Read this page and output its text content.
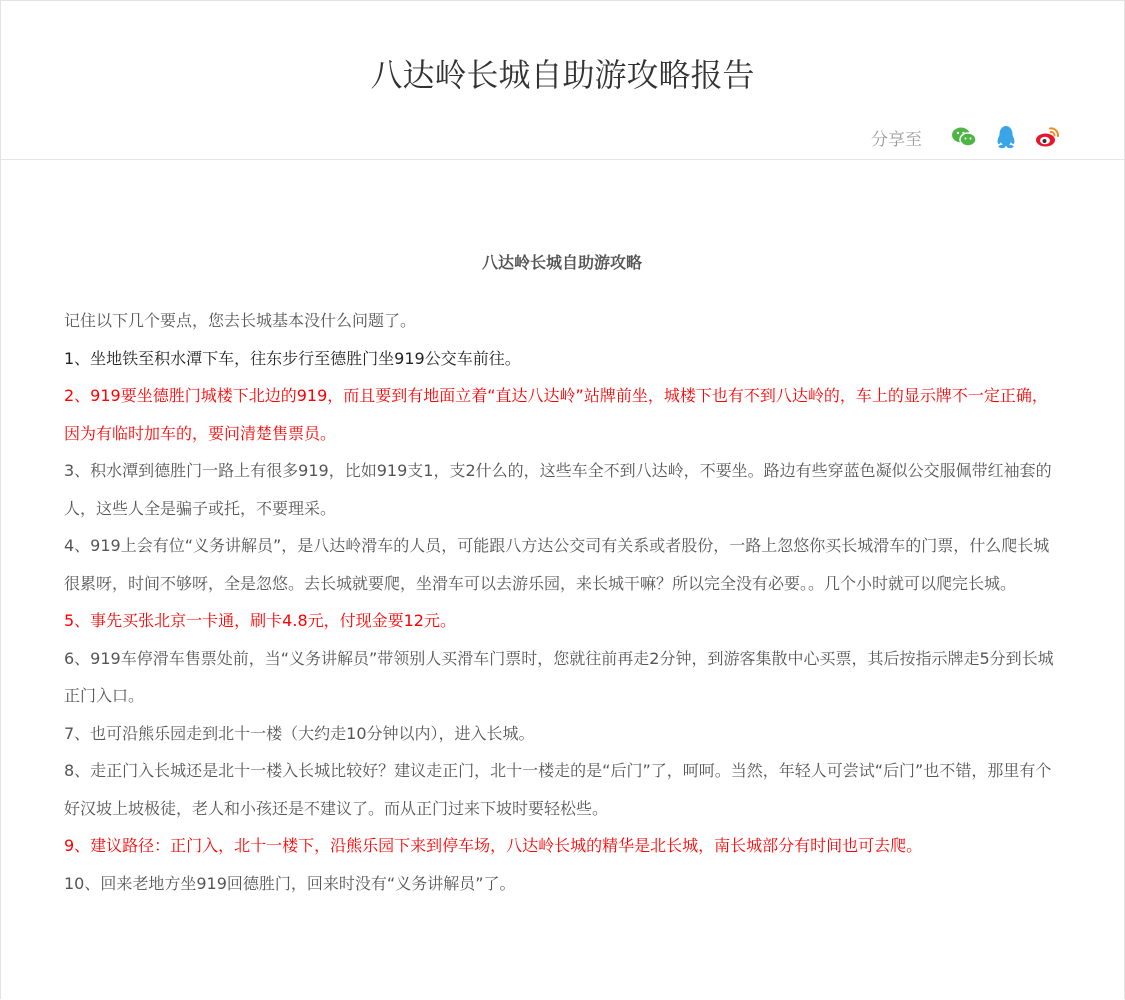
八达岭长城自助游攻略报告
分享至
八达岭长城自助游攻略

记住以下几个要点，您去长城基本没什么问题了。

1、坐地铁至积水潭下车，往东步行至德胜门坐919公交车前往。

2、919要坐德胜门城楼下北边的919，而且要到有地面立着“直达八达岭”站牌前坐，城楼下也有不到八达岭的，车上的显示牌不一定正确，因为有临时加车的，要问清楚售票员。

3、积水潭到德胜门一路上有很多919，比如919支1，支2什么的，这些车全不到八达岭，不要坐。路边有些穿蓝色凝似公交服佩带红袖套的人，这些人全是骗子或托，不要理采。

4、919上会有位“义务讲解员”，是八达岭滑车的人员，可能跟八方达公交司有关系或者股份，一路上忽悠你买长城滑车的门票，什么爬长城很累呀，时间不够呀，全是忽悠。去长城就要爬，坐滑车可以去游乐园，来长城干嘛？所以完全没有必要。。几个小时就可以爬完长城。

5、事先买张北京一卡通，刷卡4.8元，付现金要12元。

6、919车停滑车售票处前，当“义务讲解员”带领别人买滑车门票时，您就往前再走2分钟，到游客集散中心买票，其后按指示牌走5分到长城正门入口。

7、也可沿熊乐园走到北十一楼（大约走10分钟以内），进入长城。

8、走正门入长城还是北十一楼入长城比较好？建议走正门，北十一楼走的是“后门”了，呵呵。当然，年轻人可尝试“后门”也不错，那里有个好汉坡上坡极徒，老人和小孩还是不建议了。而从正门过来下坡时要轻松些。

9、建议路径：正门入，北十一楼下，沿熊乐园下来到停车场，八达岭长城的精华是北长城，南长城部分有时间也可去爬。

10、回来老地方坐919回德胜门，回来时没有“义务讲解员”了。
